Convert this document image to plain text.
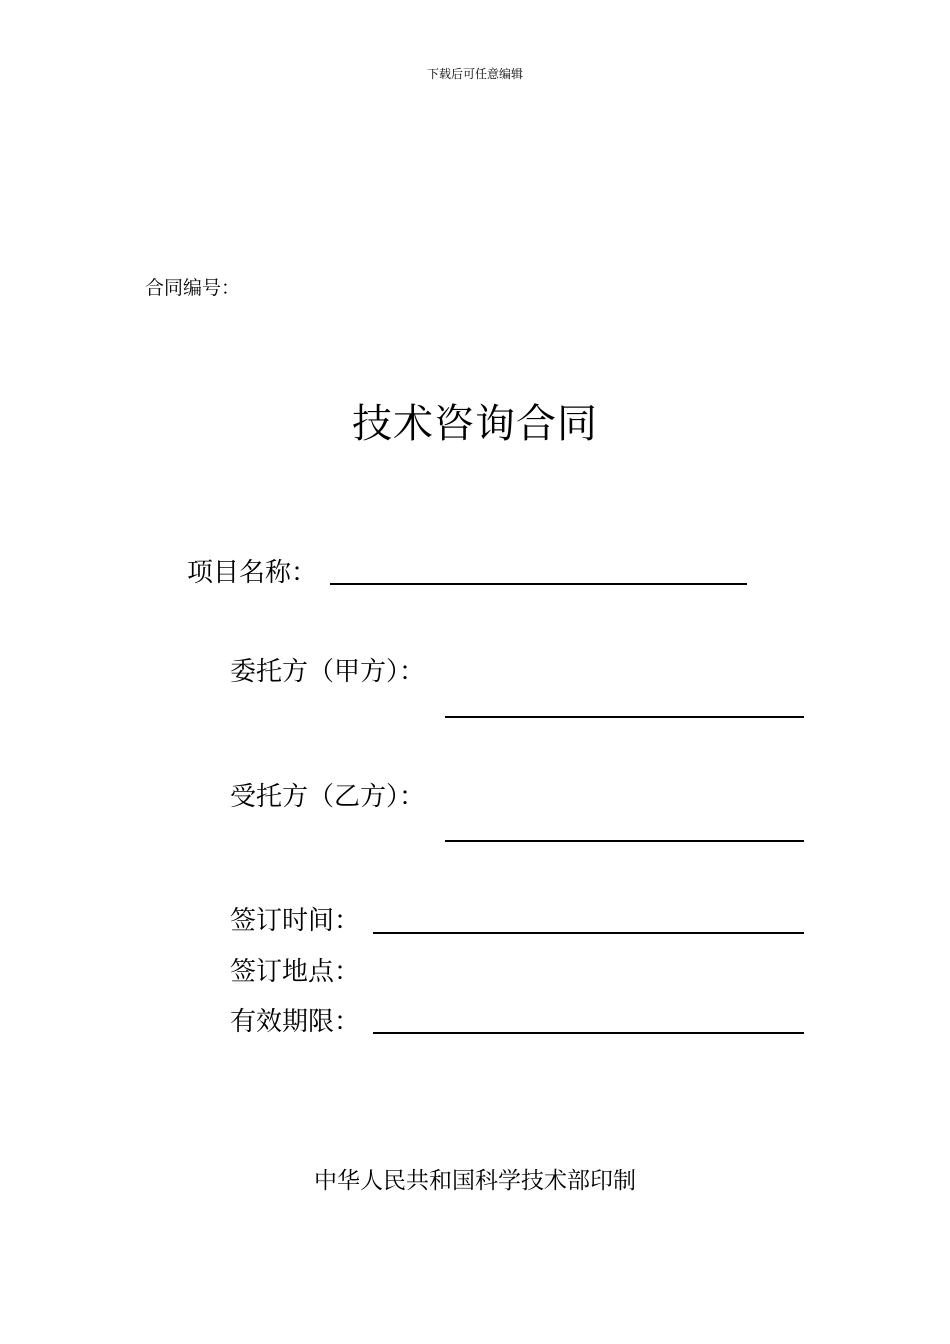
下载后可任意编辑
合同编号：
技术咨询合同
项目名称：
委托方（甲方）：
受托方（乙方）：
签订时间：
签订地点：
有效期限：
中华人民共和国科学技术部印制
